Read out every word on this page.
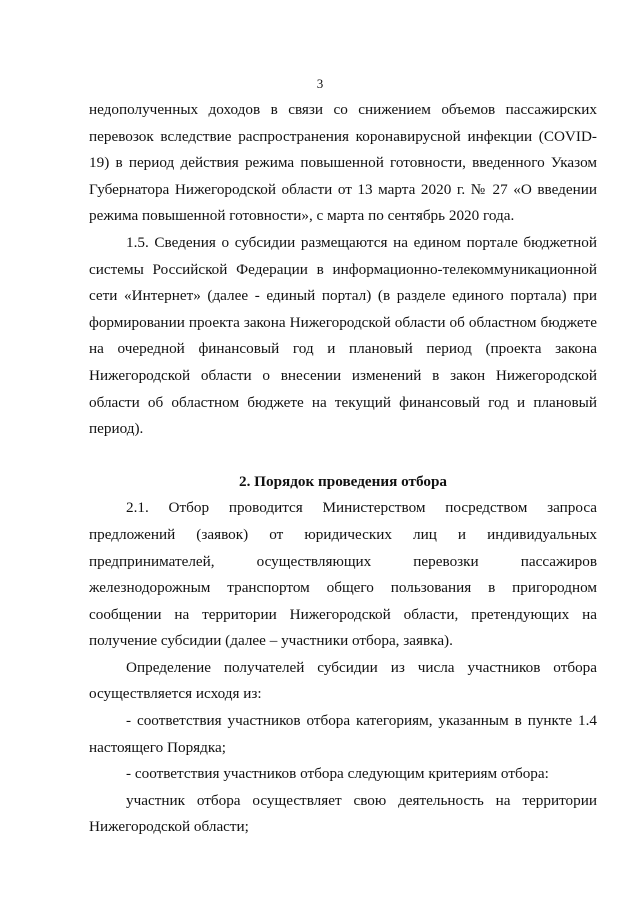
3

недополученных доходов в связи со снижением объемов пассажирских перевозок вследствие распространения коронавирусной инфекции (COVID-19) в период действия режима повышенной готовности, введенного Указом Губернатора Нижегородской области от 13 марта 2020 г. № 27 «О введении режима повышенной готовности», с марта по сентябрь 2020 года.

1.5. Сведения о субсидии размещаются на едином портале бюджетной системы Российской Федерации в информационно-телекоммуникационной сети «Интернет» (далее - единый портал) (в разделе единого портала) при формировании проекта закона Нижегородской области об областном бюджете на очередной финансовый год и плановый период (проекта закона Нижегородской области о внесении изменений в закон Нижегородской области об областном бюджете на текущий финансовый год и плановый период).

2. Порядок проведения отбора

2.1. Отбор проводится Министерством посредством запроса предложений (заявок) от юридических лиц и индивидуальных предпринимателей, осуществляющих перевозки пассажиров железнодорожным транспортом общего пользования в пригородном сообщении на территории Нижегородской области, претендующих на получение субсидии (далее – участники отбора, заявка).

Определение получателей субсидии из числа участников отбора осуществляется исходя из:

- соответствия участников отбора категориям, указанным в пункте 1.4 настоящего Порядка;

- соответствия участников отбора следующим критериям отбора:

участник отбора осуществляет свою деятельность на территории Нижегородской области;
